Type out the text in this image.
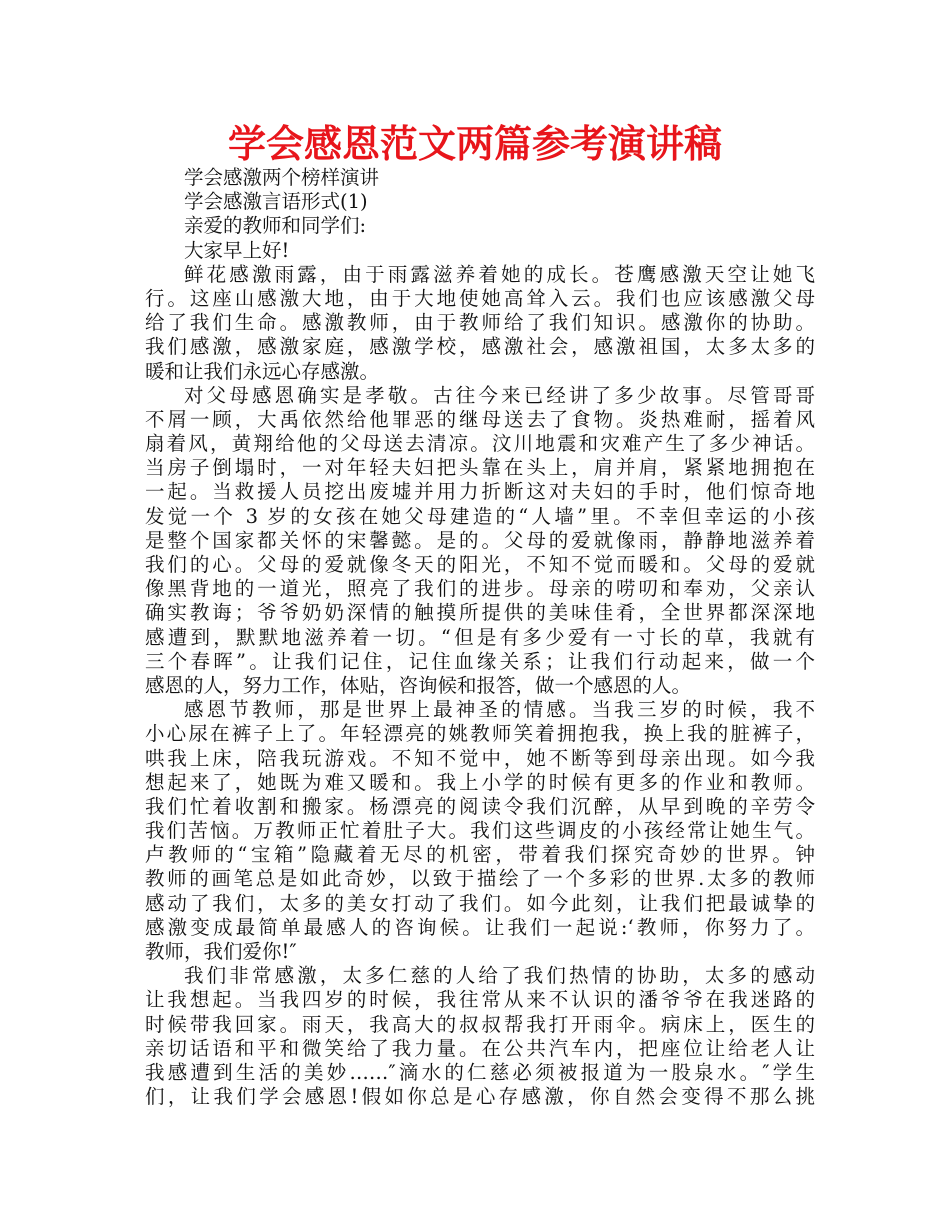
学会感恩范文两篇参考演讲稿
学会感激两个榜样演讲
学会感激言语形式(1)
亲爱的教师和同学们:
大家早上好!
鲜花感激雨露，由于雨露滋养着她的成长。苍鹰感激天空让她飞
行。这座山感激大地，由于大地使她高耸入云。我们也应该感激父母
给了我们生命。感激教师，由于教师给了我们知识。感激你的协助。
我们感激，感激家庭，感激学校，感激社会，感激祖国，太多太多的
暖和让我们永远心存感激。
对父母感恩确实是孝敬。古往今来已经讲了多少故事。尽管哥哥
不屑一顾，大禹依然给他罪恶的继母送去了食物。炎热难耐，摇着风
扇着风，黄翔给他的父母送去清凉。汶川地震和灾难产生了多少神话。
当房子倒塌时，一对年轻夫妇把头靠在头上，肩并肩，紧紧地拥抱在
一起。当救援人员挖出废墟并用力折断这对夫妇的手时，他们惊奇地
发觉一个 3 岁的女孩在她父母建造的“人墙”里。不幸但幸运的小孩
是整个国家都关怀的宋馨懿。是的。父母的爱就像雨，静静地滋养着
我们的心。父母的爱就像冬天的阳光，不知不觉而暖和。父母的爱就
像黑背地的一道光，照亮了我们的进步。母亲的唠叨和奉劝，父亲认
确实教诲；爷爷奶奶深情的触摸所提供的美味佳肴，全世界都深深地
感遭到，默默地滋养着一切。“但是有多少爱有一寸长的草，我就有
三个春晖”。让我们记住，记住血缘关系；让我们行动起来，做一个
感恩的人，努力工作，体贴，咨询候和报答，做一个感恩的人。
感恩节教师，那是世界上最神圣的情感。当我三岁的时候，我不
小心尿在裤子上了。年轻漂亮的姚教师笑着拥抱我，换上我的脏裤子，
哄我上床，陪我玩游戏。不知不觉中，她不断等到母亲出现。如今我
想起来了，她既为难又暖和。我上小学的时候有更多的作业和教师。
我们忙着收割和搬家。杨漂亮的阅读令我们沉醉，从早到晚的辛劳令
我们苦恼。万教师正忙着肚子大。我们这些调皮的小孩经常让她生气。
卢教师的“宝箱”隐藏着无尽的机密，带着我们探究奇妙的世界。钟
教师的画笔总是如此奇妙，以致于描绘了一个多彩的世界.太多的教师
感动了我们，太多的美女打动了我们。如今此刻，让我们把最诚挚的
感激变成最简单最感人的咨询候。让我们一起说:‘教师，你努力了。
教师，我们爱你!″
我们非常感激，太多仁慈的人给了我们热情的协助，太多的感动
让我想起。当我四岁的时候，我往常从来不认识的潘爷爷在我迷路的
时候带我回家。雨天，我高大的叔叔帮我打开雨伞。病床上，医生的
亲切话语和平和微笑给了我力量。在公共汽车内，把座位让给老人让
我感遭到生活的美妙……″滴水的仁慈必须被报道为一股泉水。″学生
们，让我们学会感恩!假如你总是心存感激，你自然会变得不那么挑
